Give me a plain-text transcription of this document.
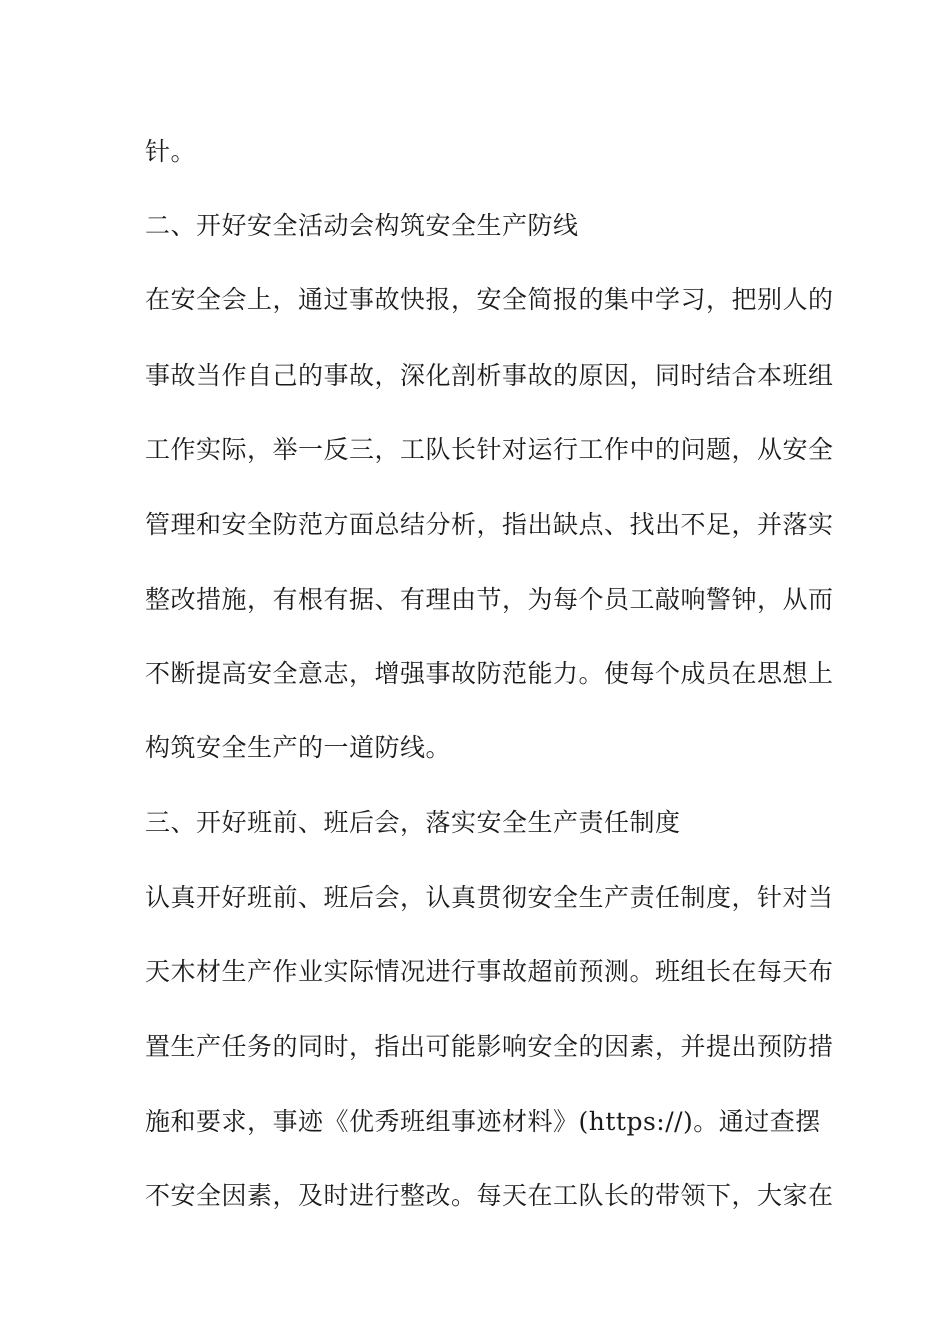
针。
二、开好安全活动会构筑安全生产防线
在安全会上，通过事故快报，安全简报的集中学习，把别人的
事故当作自己的事故，深化剖析事故的原因，同时结合本班组
工作实际，举一反三，工队长针对运行工作中的问题，从安全
管理和安全防范方面总结分析，指出缺点、找出不足，并落实
整改措施，有根有据、有理由节，为每个员工敲响警钟，从而
不断提高安全意志，增强事故防范能力。使每个成员在思想上
构筑安全生产的一道防线。
三、开好班前、班后会，落实安全生产责任制度
认真开好班前、班后会，认真贯彻安全生产责任制度，针对当
天木材生产作业实际情况进行事故超前预测。班组长在每天布
置生产任务的同时，指出可能影响安全的因素，并提出预防措
施和要求，事迹《优秀班组事迹材料》(https://)。通过查摆
不安全因素，及时进行整改。每天在工队长的带领下，大家在
